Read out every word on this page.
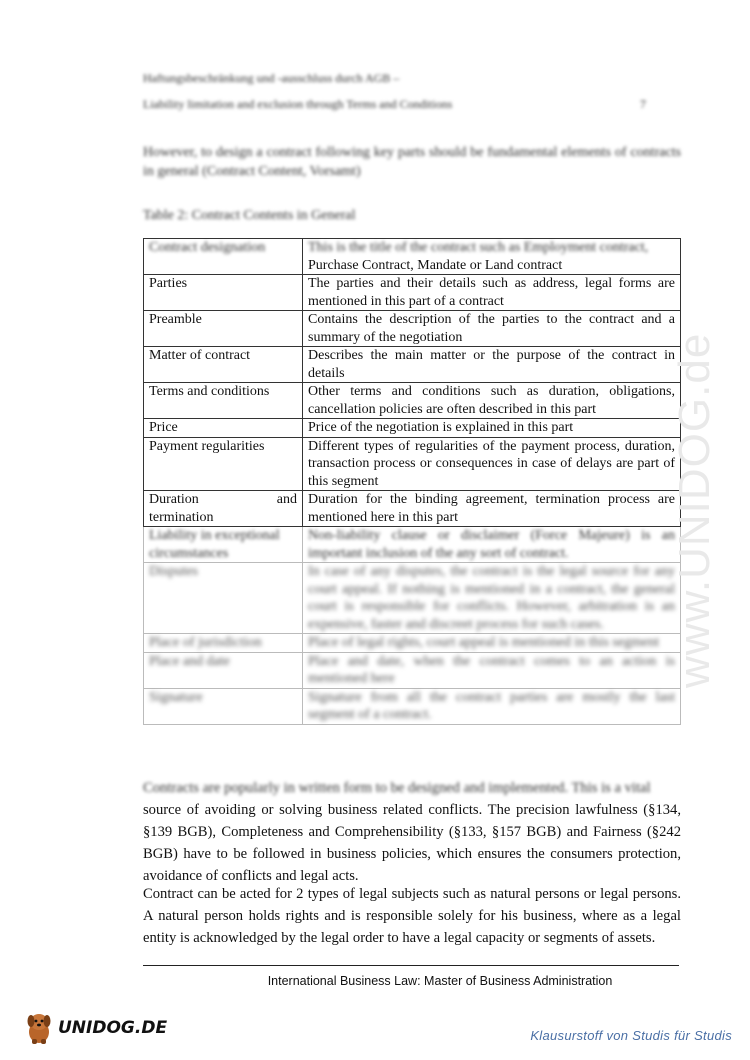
Haftungsbeschränkung und -ausschluss durch AGB –
Liability limitation and exclusion through Terms and Conditions	7
However, to design a contract following key parts should be fundamental elements of contracts in general (Contract Content, Vorsamt)
Table 2: Contract Contents in General
Contract designation	This is the title of the contract such as Employment contract,
Purchase Contract, Mandate or Land contract

Parties	The parties and their details such as address, legal forms are mentioned in this part of a contract
Preamble	Contains the description of the parties to the contract and a summary of the negotiation
Matter of contract	Describes the main matter or the purpose of the contract in details
Terms and conditions	Other terms and conditions such as duration, obligations, cancellation policies are often described in this part
Price	Price of the negotiation is explained in this part
Payment regularities	Different types of regularities of the payment process, duration, transaction process or consequences in case of delays are part of this segment

Duration and
termination	Duration for the binding agreement, termination process are mentioned here in this part
Liability in exceptional circumstances	Non-liability clause or disclaimer (Force Majeure) is an important inclusion of the any sort of contract.
Disputes	In case of any disputes, the contract is the legal source for any court appeal. If nothing is mentioned in a contract, the general court is responsible for conflicts. However, arbitration is an expensive, faster and discreet process for such cases.
Place of jurisdiction	Place of legal rights, court appeal is mentioned in this segment
Place and date	Place and date, when the contract comes to an action is mentioned here
Signature	Signature from all the contract parties are mostly the last segment of a contract.
Contracts are popularly in written form to be designed and implemented. This is a vital
source of avoiding or solving business related conflicts. The precision lawfulness (§134, §139 BGB), Completeness and Comprehensibility (§133, §157 BGB) and Fairness (§242 BGB) have to be followed in business policies, which ensures the consumers protection, avoidance of conflicts and legal acts.
Contract can be acted for 2 types of legal subjects such as natural persons or legal persons. A natural person holds rights and is responsible solely for his business, where as a legal entity is acknowledged by the legal order to have a legal capacity or segments of assets.
International Business Law: Master of Business Administration
www.UNIDOG.de
UNIDOG.DE	Klausurstoff von Studis für Studis
